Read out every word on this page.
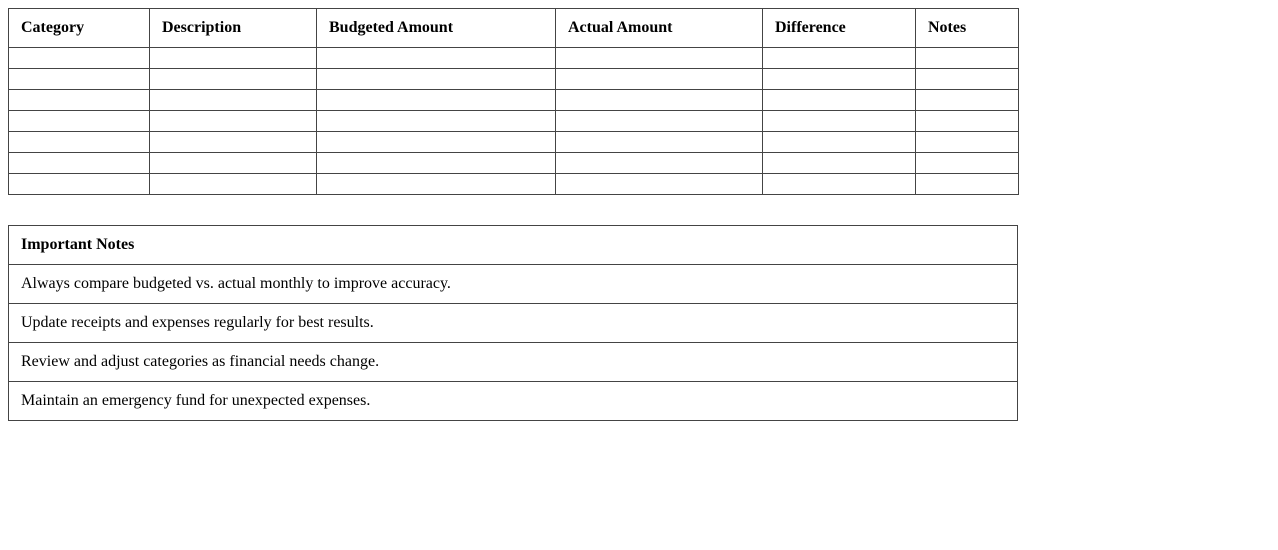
Category	Description	Budgeted Amount	Actual Amount	Difference	Notes

Important Notes
Always compare budgeted vs. actual monthly to improve accuracy.
Update receipts and expenses regularly for best results.
Review and adjust categories as financial needs change.
Maintain an emergency fund for unexpected expenses.
